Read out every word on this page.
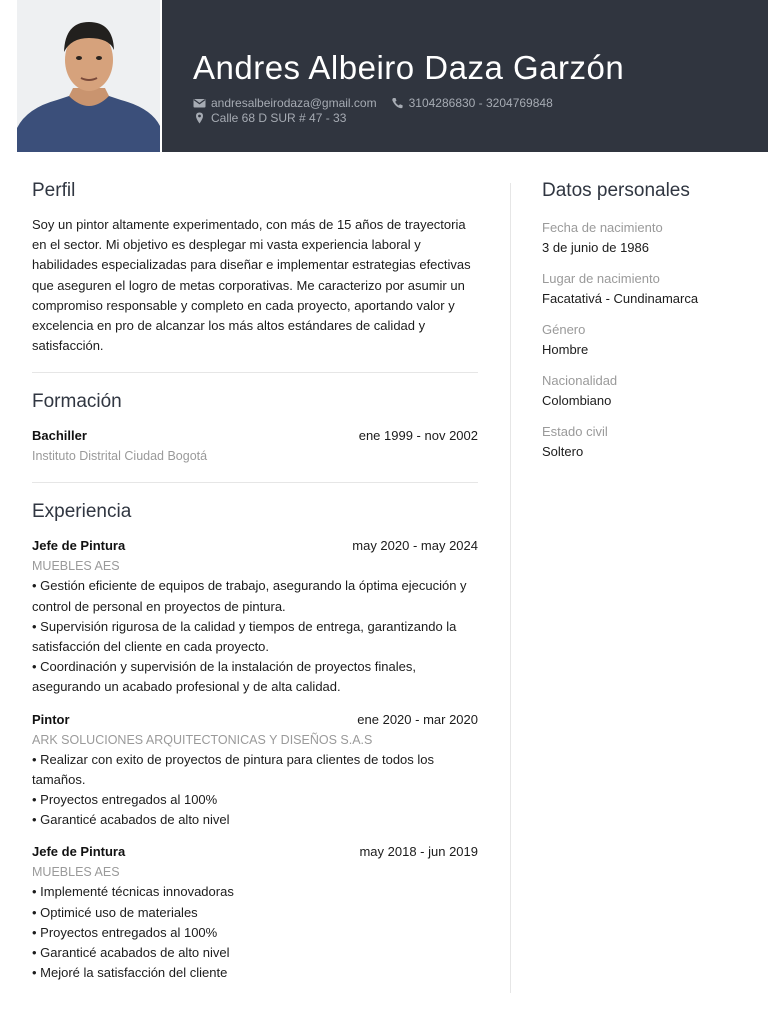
Andres Albeiro Daza Garzón
andresalbeirodaza@gmail.com	3104286830 - 3204769848
Calle 68 D SUR # 47 - 33
Perfil

Soy un pintor altamente experimentado, con más de 15 años de trayectoria en el sector. Mi objetivo es desplegar mi vasta experiencia laboral y habilidades especializadas para diseñar e implementar estrategias efectivas que aseguren el logro de metas corporativas. Me caracterizo por asumir un compromiso responsable y completo en cada proyecto, aportando valor y excelencia en pro de alcanzar los más altos estándares de calidad y satisfacción.

Formación
Bachiller	ene 1999 - nov 2002
Instituto Distrital Ciudad Bogotá
Experiencia
Jefe de Pintura	may 2020 - may 2024
MUEBLES AES
• Gestión eficiente de equipos de trabajo, asegurando la óptima ejecución y control de personal en proyectos de pintura.
• Supervisión rigurosa de la calidad y tiempos de entrega, garantizando la satisfacción del cliente en cada proyecto.
• Coordinación y supervisión de la instalación de proyectos finales, asegurando un acabado profesional y de alta calidad.
Pintor	ene 2020 - mar 2020
ARK SOLUCIONES ARQUITECTONICAS Y DISEÑOS S.A.S
• Realizar con exito de proyectos de pintura para clientes de todos los tamaños.
• Proyectos entregados al 100%
• Garanticé acabados de alto nivel
Jefe de Pintura	may 2018 - jun 2019
MUEBLES AES
• Implementé técnicas innovadoras
• Optimicé uso de materiales
• Proyectos entregados al 100%
• Garanticé acabados de alto nivel
• Mejoré la satisfacción del cliente
Datos personales
Fecha de nacimiento
3 de junio de 1986
Lugar de nacimiento
Facatativá - Cundinamarca
Género
Hombre
Nacionalidad
Colombiano
Estado civil
Soltero
